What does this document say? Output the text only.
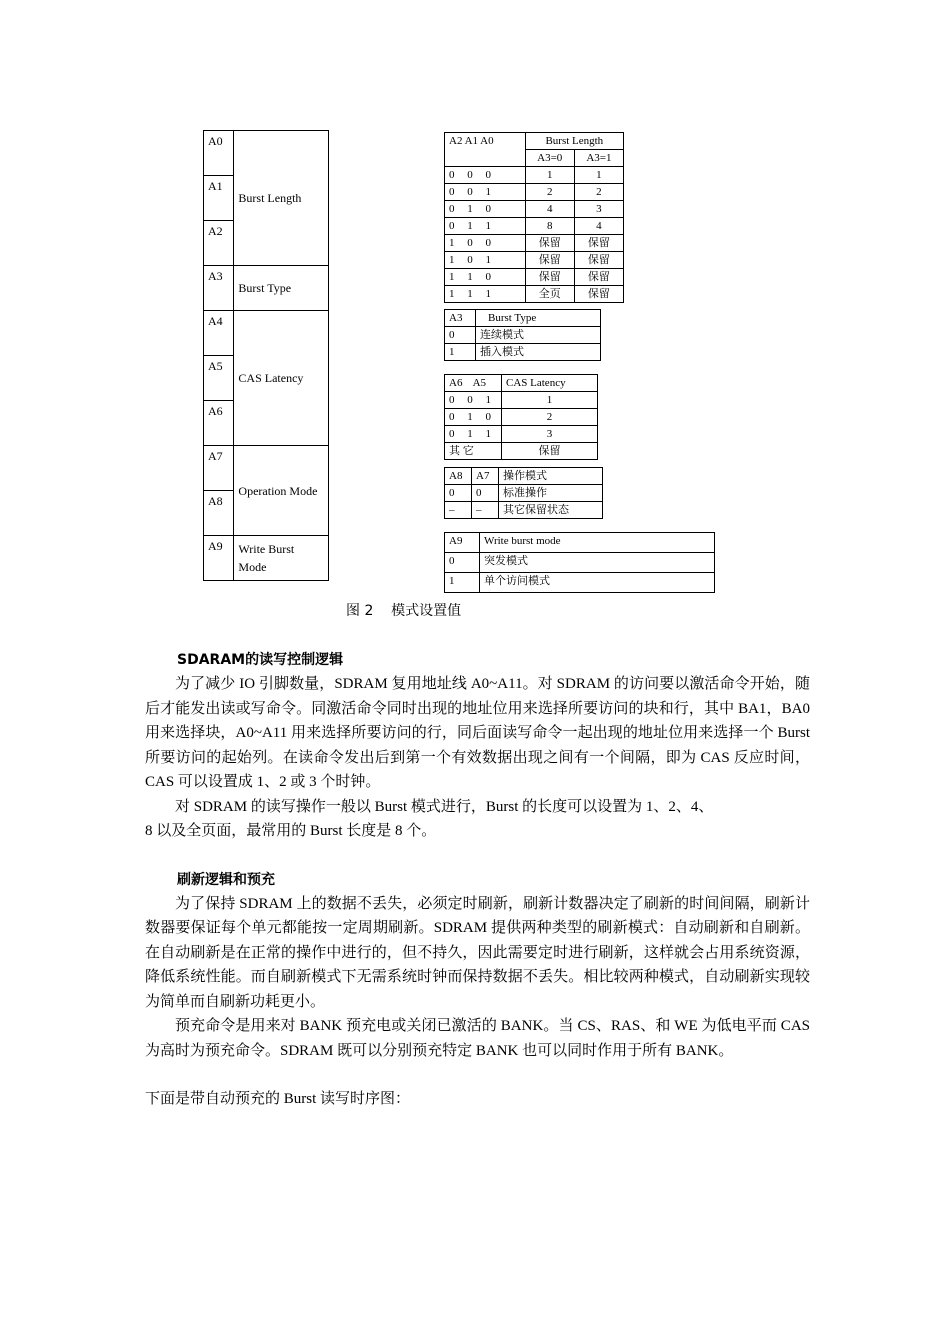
A0	Burst Length
A1	
A2	
A3	Burst Type
A4	CAS Latency
A5	
A6	
A7	Operation Mode
A8	
A9	Write Burst Mode
A2 A1 A0	Burst Length	
	A3=0	A3=1
0 0 0	1	1
0 0 1	2	2
0 1 0	4	3
0 1 1	8	4
1 0 0	保留	保留
1 0 1	保留	保留
1 1 0	保留	保留
1 1 1	全页	保留
A3	Burst Type
0	连续模式
1	插入模式
A6 A5	CAS Latency
0 0 1	1
0 1 0	2
0 1 1	3
其 它	保留
A8	A7	操作模式
0	0	标准操作
–	–	其它保留状态
A9	Write burst mode
0	突发模式
1	单个访问模式
图 2    模式设置值

SDARAM的读写控制逻辑

为了减少 IO 引脚数量，SDRAM 复用地址线 A0~A11。对 SDRAM 的访问要以激活命令开始，随后才能发出读或写命令。同激活命令同时出现的地址位用来选择所要访问的块和行，其中 BA1，BA0 用来选择块，A0~A11 用来选择所要访问的行，同后面读写命令一起出现的地址位用来选择一个 Burst 所要访问的起始列。在读命令发出后到第一个有效数据出现之间有一个间隔，即为 CAS 反应时间，CAS 可以设置成 1、2 或 3 个时钟。

对 SDRAM 的读写操作一般以 Burst 模式进行，Burst 的长度可以设置为 1、2、4、

8 以及全页面，最常用的 Burst 长度是 8 个。

刷新逻辑和预充

为了保持 SDRAM 上的数据不丢失，必须定时刷新，刷新计数器决定了刷新的时间间隔，刷新计数器要保证每个单元都能按一定周期刷新。SDRAM 提供两种类型的刷新模式：自动刷新和自刷新。在自动刷新是在正常的操作中进行的，但不持久，因此需要定时进行刷新，这样就会占用系统资源，降低系统性能。而自刷新模式下无需系统时钟而保持数据不丢失。相比较两种模式，自动刷新实现较为简单而自刷新功耗更小。

预充命令是用来对 BANK 预充电或关闭已激活的 BANK。当 CS、RAS、和 WE 为低电平而 CAS 为高时为预充命令。SDRAM 既可以分别预充特定 BANK 也可以同时作用于所有 BANK。

下面是带自动预充的 Burst 读写时序图：
